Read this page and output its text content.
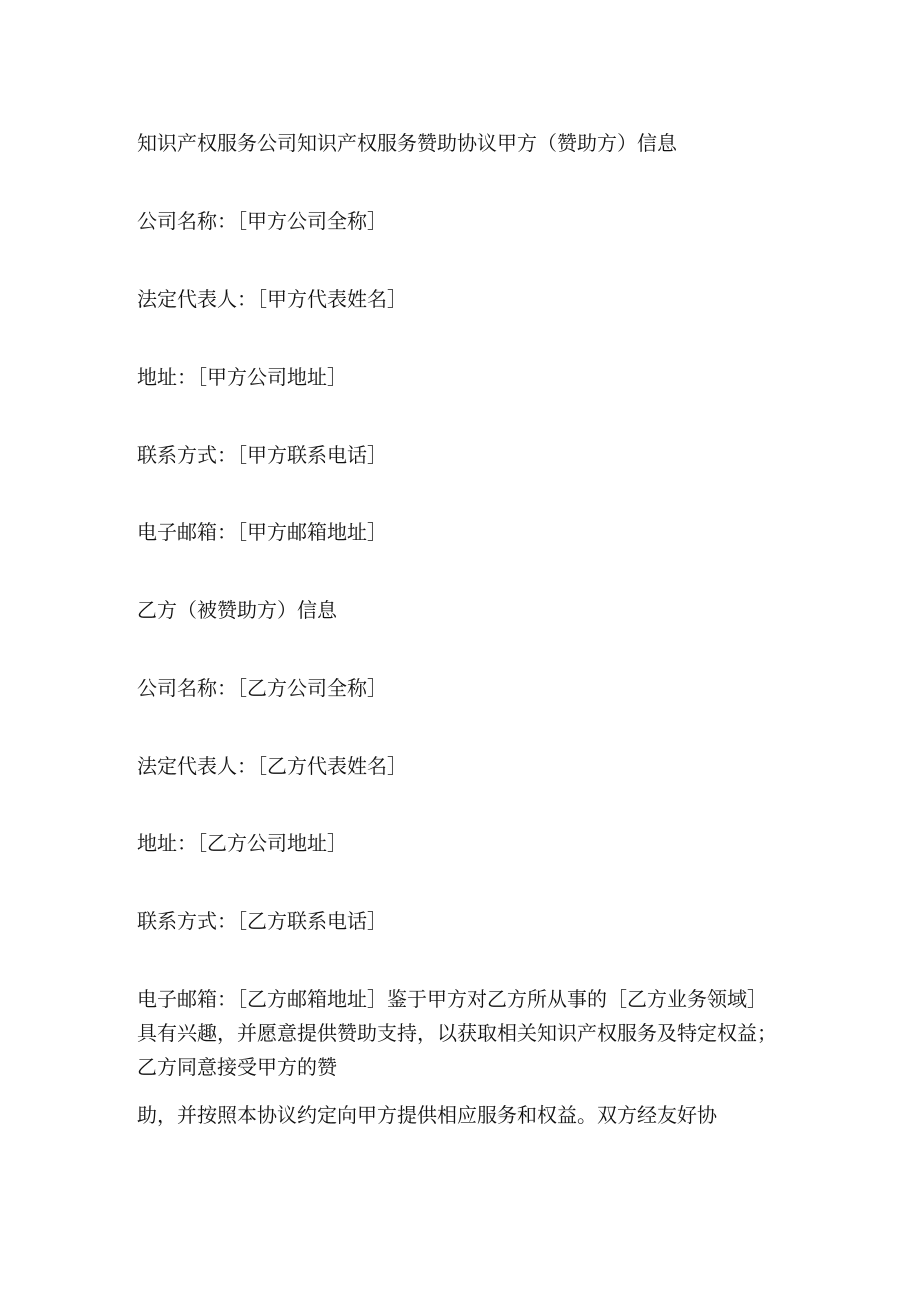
知识产权服务公司知识产权服务赞助协议甲方（赞助方）信息
公司名称：［甲方公司全称］
法定代表人：［甲方代表姓名］
地址：［甲方公司地址］
联系方式：［甲方联系电话］
电子邮箱：［甲方邮箱地址］
乙方（被赞助方）信息
公司名称：［乙方公司全称］
法定代表人：［乙方代表姓名］
地址：［乙方公司地址］
联系方式：［乙方联系电话］
电子邮箱：［乙方邮箱地址］鉴于甲方对乙方所从事的［乙方业务领域］
具有兴趣，并愿意提供赞助支持，以获取相关知识产权服务及特定权益；
乙方同意接受甲方的赞
助，并按照本协议约定向甲方提供相应服务和权益。双方经友好协
